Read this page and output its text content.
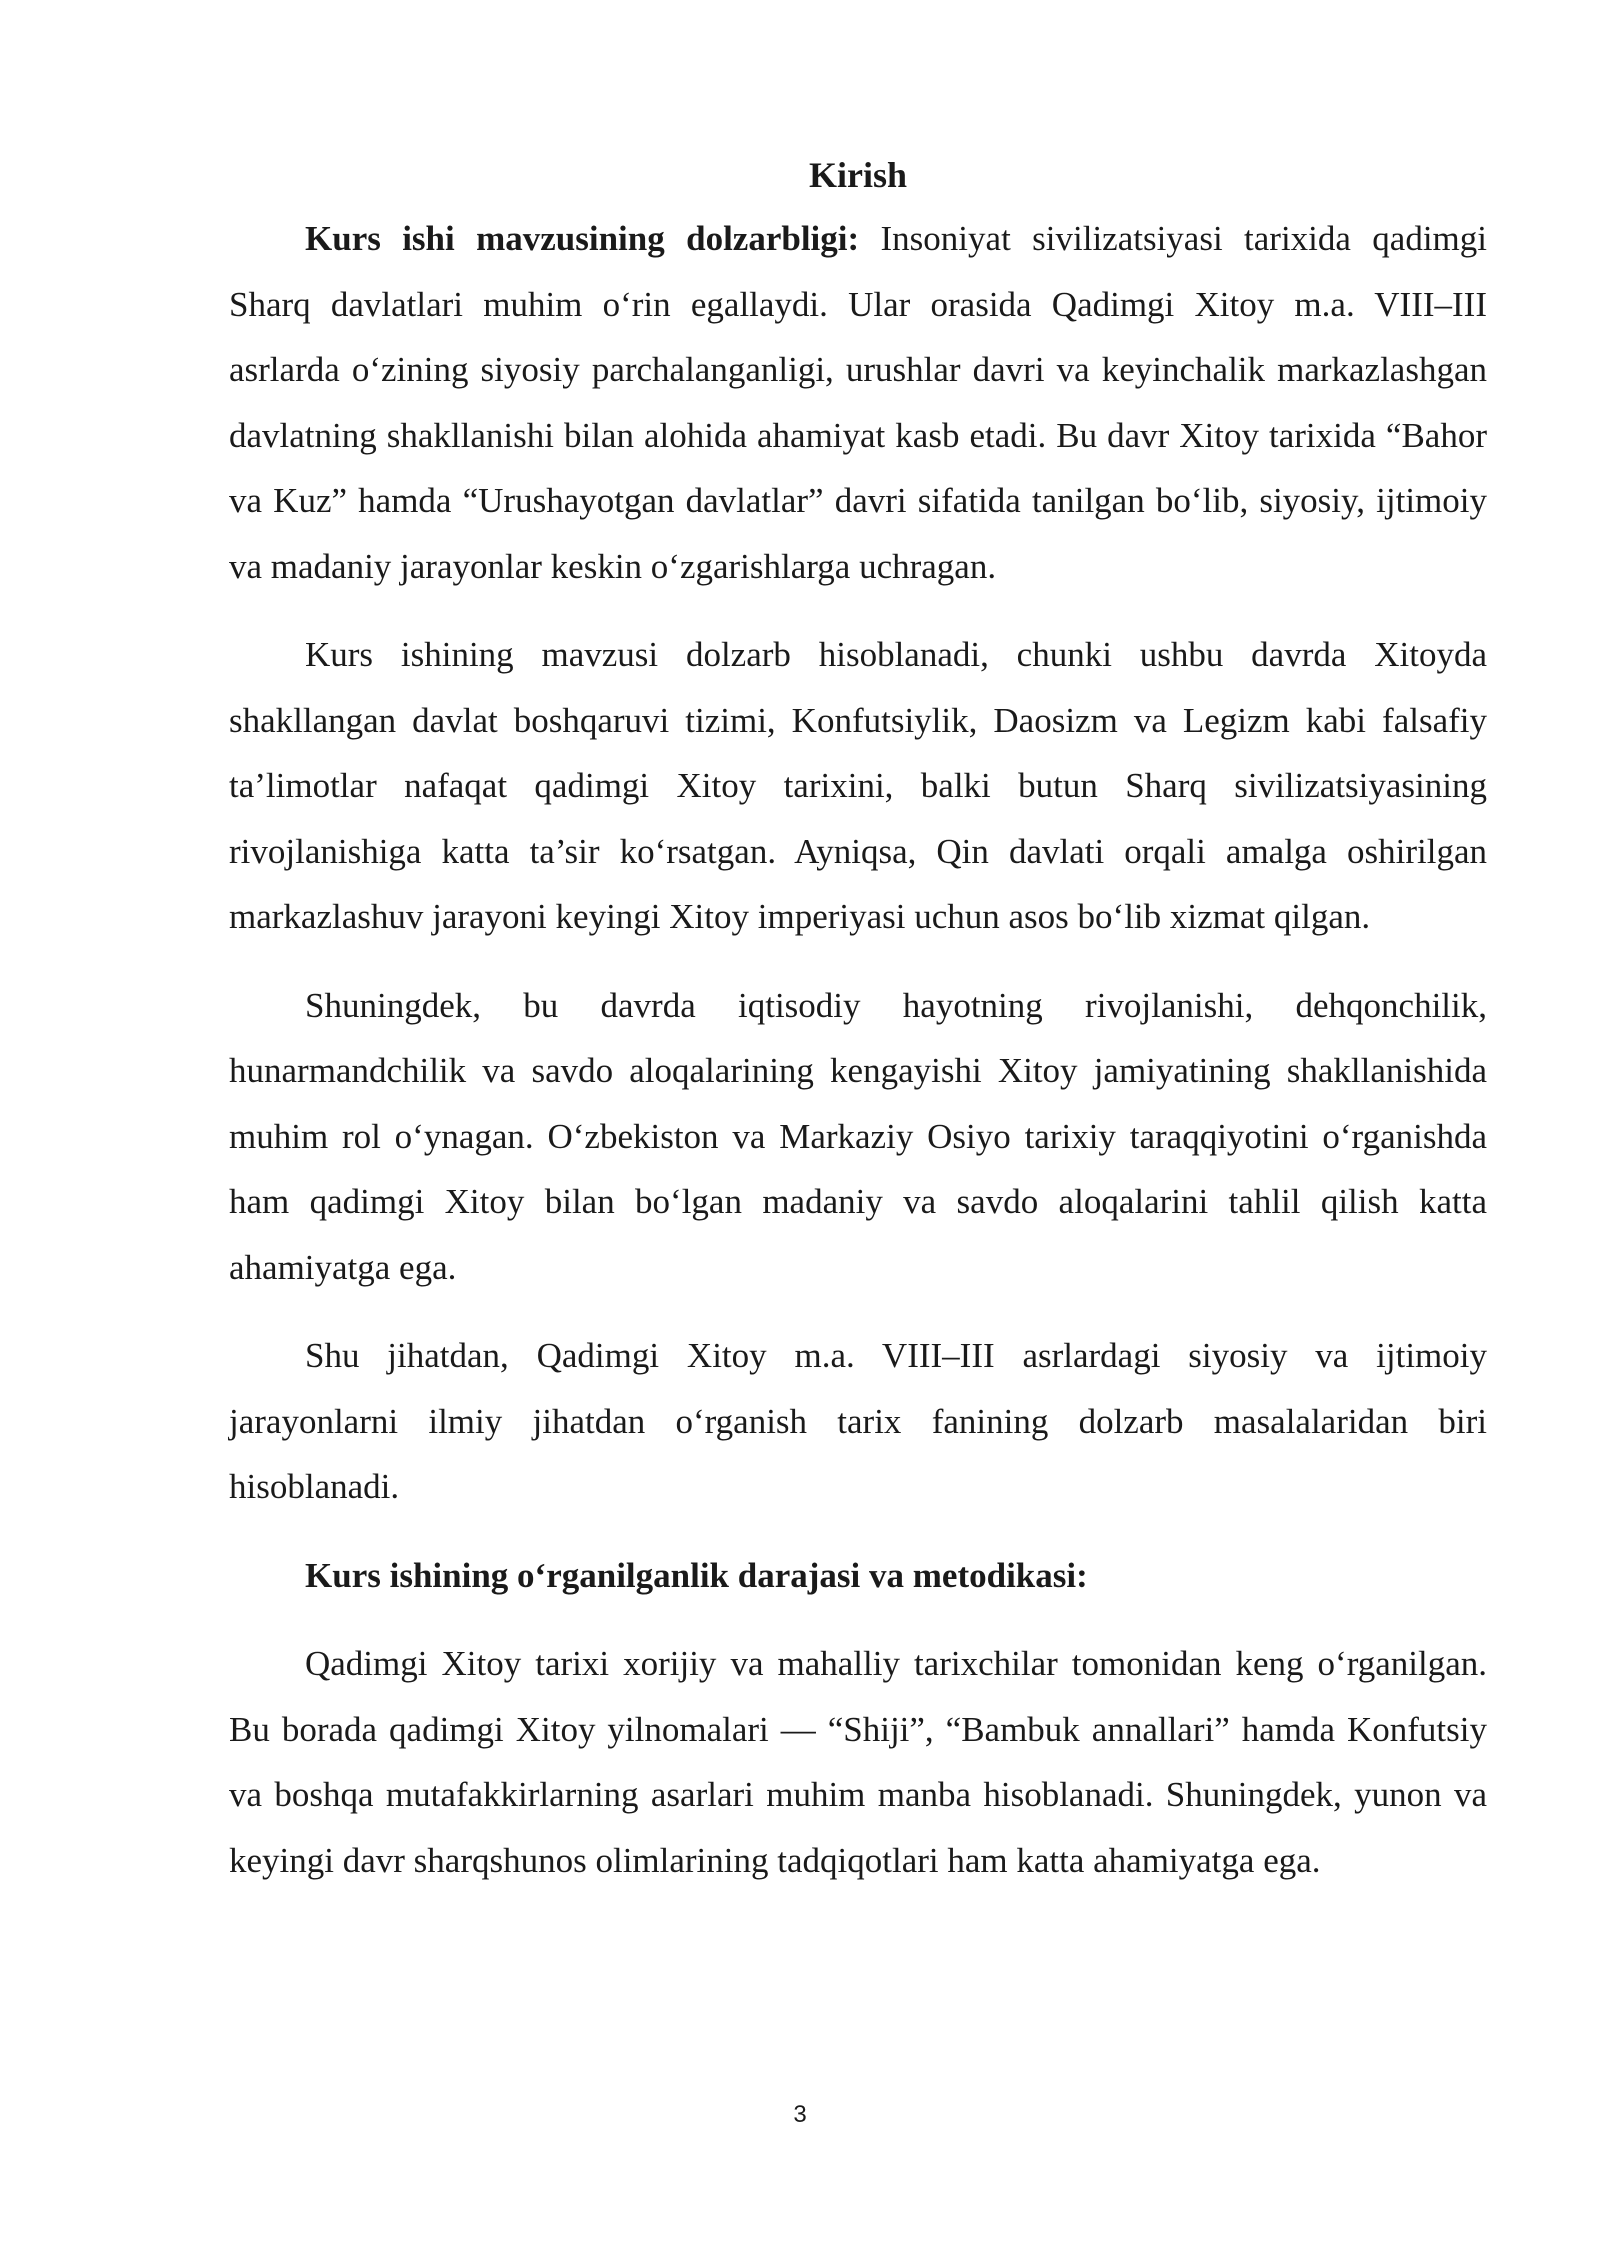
Kirish

Kurs ishi mavzusining dolzarbligi: Insoniyat sivilizatsiyasi tarixida qadimgi Sharq davlatlari muhim o‘rin egallaydi. Ular orasida Qadimgi Xitoy m.a. VIII–III asrlarda o‘zining siyosiy parchalanganligi, urushlar davri va keyinchalik markazlashgan davlatning shakllanishi bilan alohida ahamiyat kasb etadi. Bu davr Xitoy tarixida “Bahor va Kuz” hamda “Urushayotgan davlatlar” davri sifatida tanilgan bo‘lib, siyosiy, ijtimoiy va madaniy jarayonlar keskin o‘zgarishlarga uchragan.

Kurs ishining mavzusi dolzarb hisoblanadi, chunki ushbu davrda Xitoyda shakllangan davlat boshqaruvi tizimi, Konfutsiylik, Daosizm va Legizm kabi falsafiy ta’limotlar nafaqat qadimgi Xitoy tarixini, balki butun Sharq sivilizatsiyasining rivojlanishiga katta ta’sir ko‘rsatgan. Ayniqsa, Qin davlati orqali amalga oshirilgan markazlashuv jarayoni keyingi Xitoy imperiyasi uchun asos bo‘lib xizmat qilgan.

Shuningdek, bu davrda iqtisodiy hayotning rivojlanishi, dehqonchilik, hunarmandchilik va savdo aloqalarining kengayishi Xitoy jamiyatining shakllanishida muhim rol o‘ynagan. O‘zbekiston va Markaziy Osiyo tarixiy taraqqiyotini o‘rganishda ham qadimgi Xitoy bilan bo‘lgan madaniy va savdo aloqalarini tahlil qilish katta ahamiyatga ega.

Shu jihatdan, Qadimgi Xitoy m.a. VIII–III asrlardagi siyosiy va ijtimoiy jarayonlarni ilmiy jihatdan o‘rganish tarix fanining dolzarb masalalaridan biri hisoblanadi.

Kurs ishining o‘rganilganlik darajasi va metodikasi:

Qadimgi Xitoy tarixi xorijiy va mahalliy tarixchilar tomonidan keng o‘rganilgan. Bu borada qadimgi Xitoy yilnomalari — “Shiji”, “Bambuk annallari” hamda Konfutsiy va boshqa mutafakkirlarning asarlari muhim manba hisoblanadi. Shuningdek, yunon va keyingi davr sharqshunos olimlarining tadqiqotlari ham katta ahamiyatga ega.

3
